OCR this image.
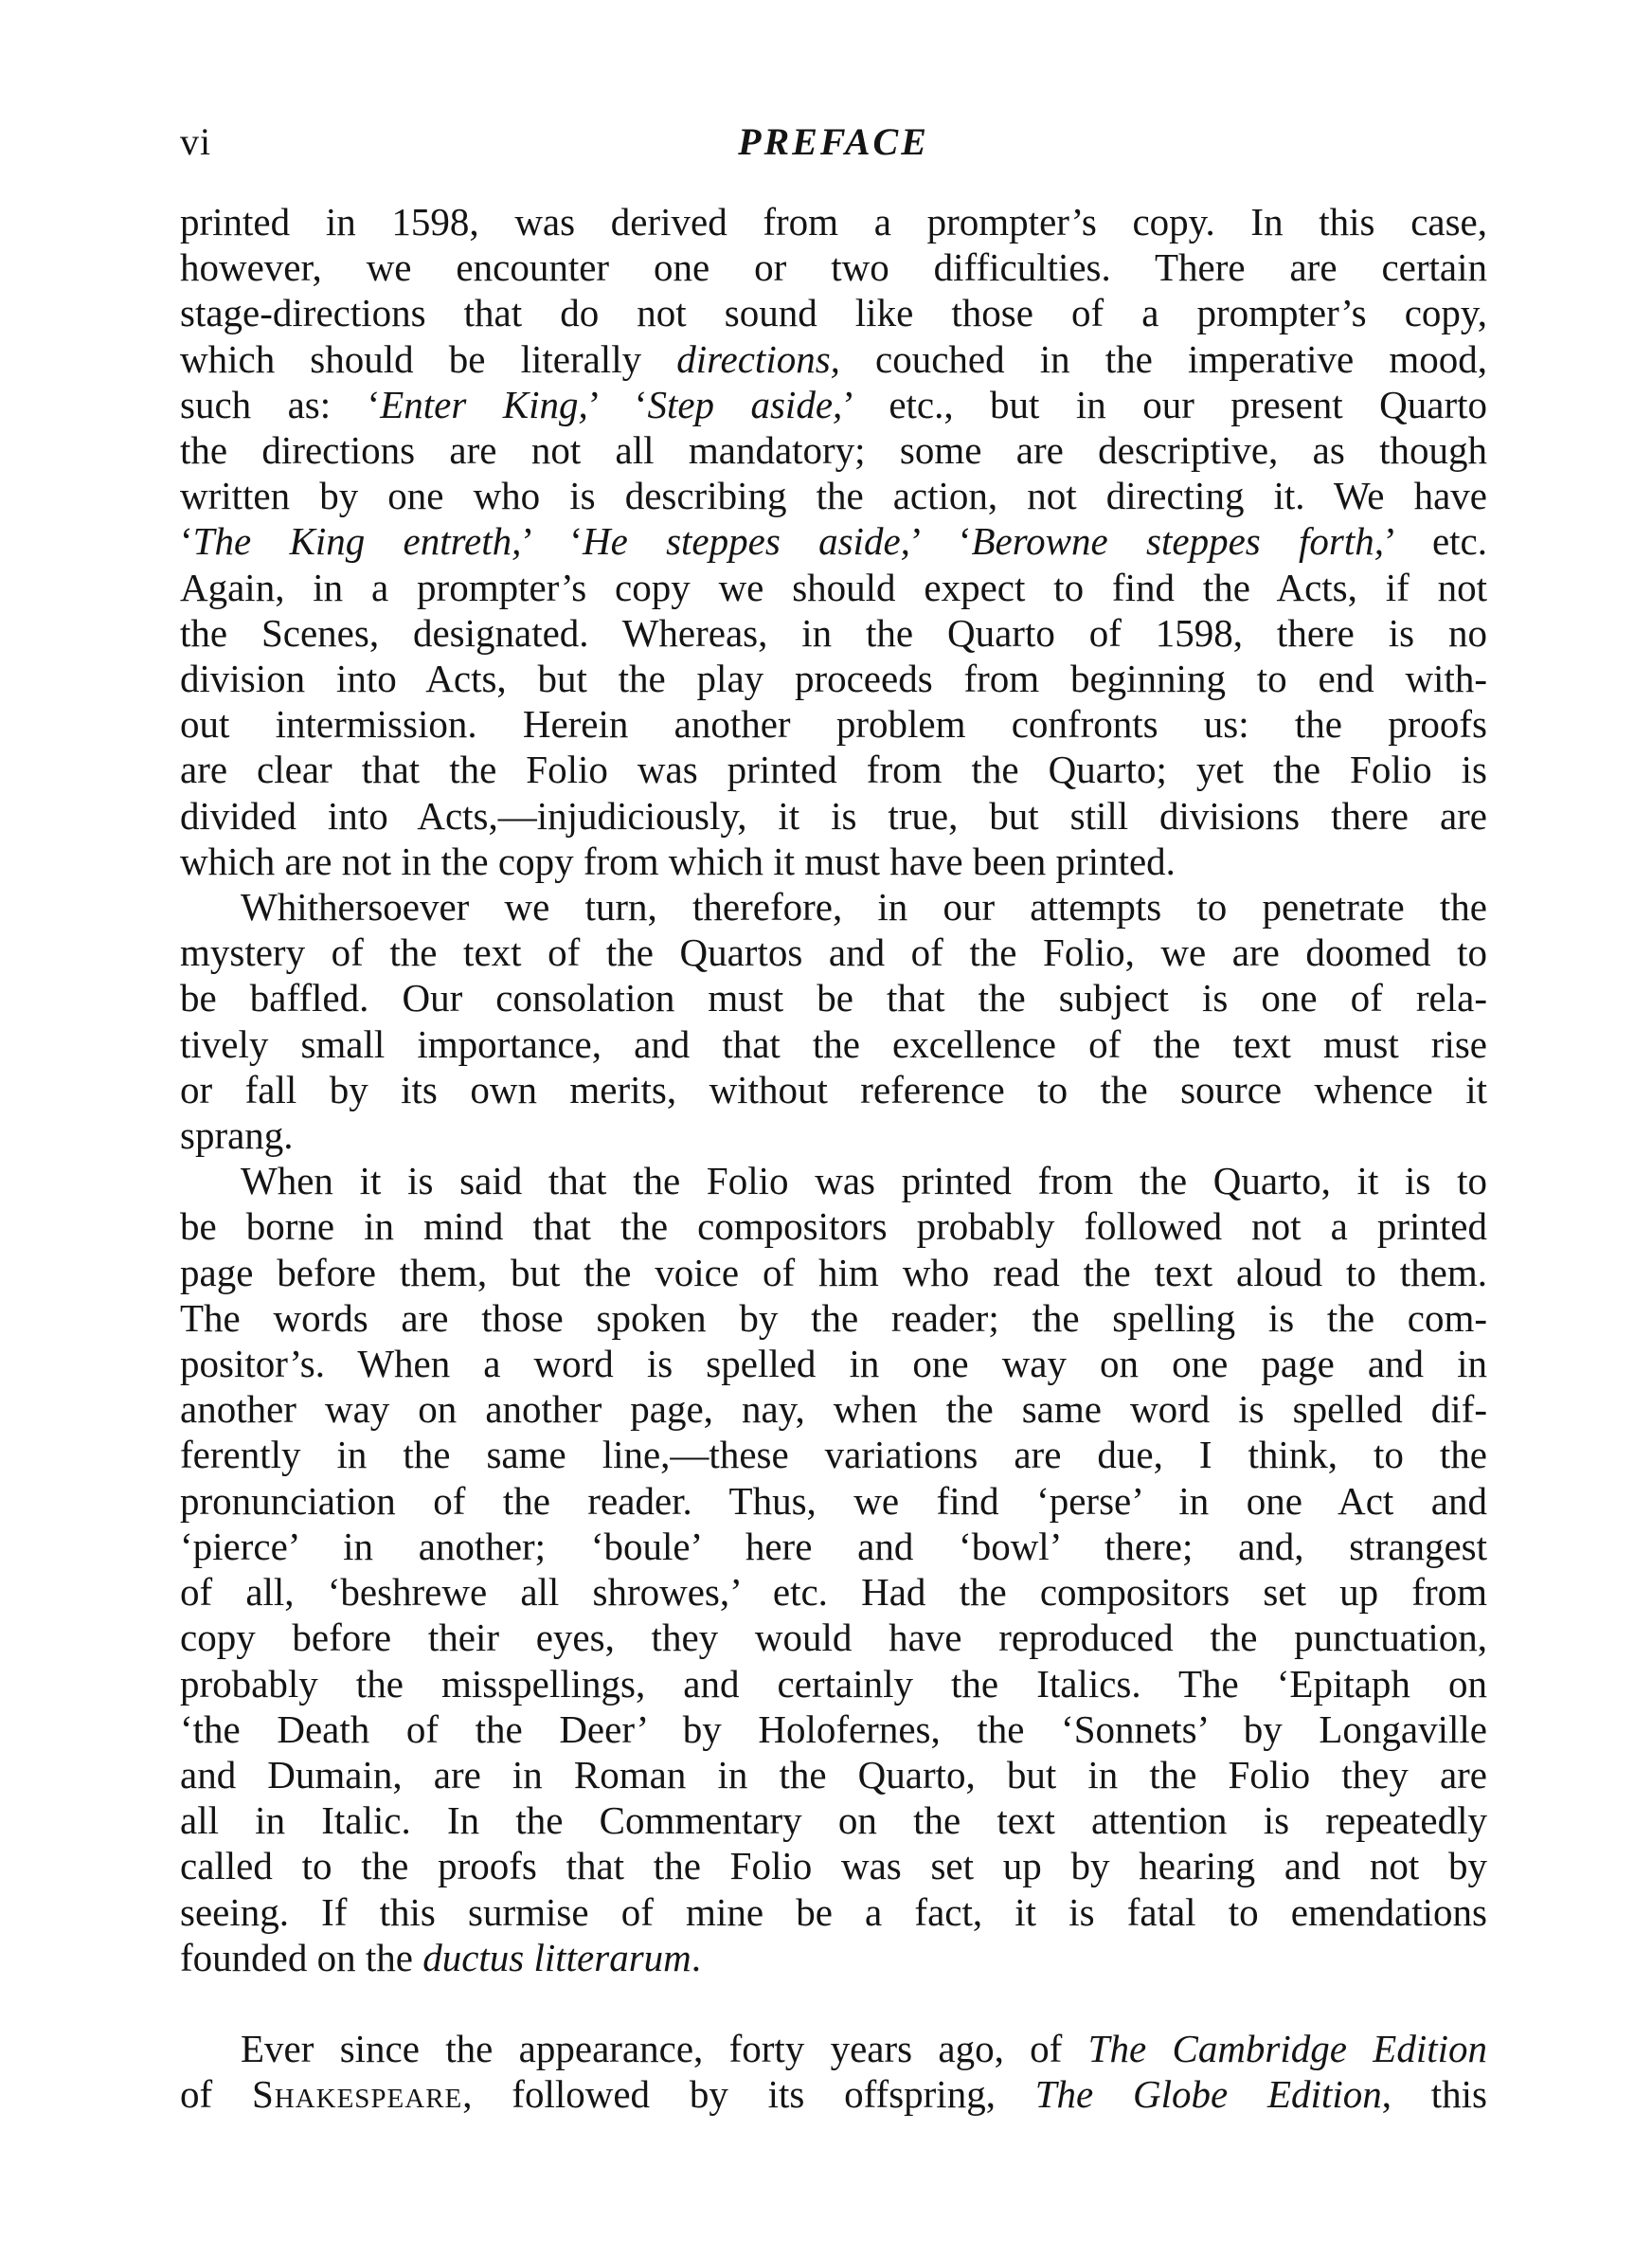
vi	PREFACE

printed in 1598, was derived from a prompter’s copy. In this case,
however, we encounter one or two difficulties. There are certain
stage-directions that do not sound like those of a prompter’s copy,
which should be literally directions, couched in the imperative mood,
such as: ‘Enter King,’ ‘Step aside,’ etc., but in our present Quarto
the directions are not all mandatory; some are descriptive, as though
written by one who is describing the action, not directing it. We have
‘The King entreth,’ ‘He steppes aside,’ ‘Berowne steppes forth,’ etc.
Again, in a prompter’s copy we should expect to find the Acts, if not
the Scenes, designated. Whereas, in the Quarto of 1598, there is no
division into Acts, but the play proceeds from beginning to end with-
out intermission. Herein another problem confronts us: the proofs
are clear that the Folio was printed from the Quarto; yet the Folio is
divided into Acts,—injudiciously, it is true, but still divisions there are
which are not in the copy from which it must have been printed.

Whithersoever we turn, therefore, in our attempts to penetrate the
mystery of the text of the Quartos and of the Folio, we are doomed to
be baffled. Our consolation must be that the subject is one of rela-
tively small importance, and that the excellence of the text must rise
or fall by its own merits, without reference to the source whence it
sprang.

When it is said that the Folio was printed from the Quarto, it is to
be borne in mind that the compositors probably followed not a printed
page before them, but the voice of him who read the text aloud to them.
The words are those spoken by the reader; the spelling is the com-
positor’s. When a word is spelled in one way on one page and in
another way on another page, nay, when the same word is spelled dif-
ferently in the same line,—these variations are due, I think, to the
pronunciation of the reader. Thus, we find ‘perse’ in one Act and
‘pierce’ in another; ‘boule’ here and ‘bowl’ there; and, strangest
of all, ‘beshrewe all shrowes,’ etc. Had the compositors set up from
copy before their eyes, they would have reproduced the punctuation,
probably the misspellings, and certainly the Italics. The ‘Epitaph on
‘the Death of the Deer’ by Holofernes, the ‘Sonnets’ by Longaville
and Dumain, are in Roman in the Quarto, but in the Folio they are
all in Italic. In the Commentary on the text attention is repeatedly
called to the proofs that the Folio was set up by hearing and not by
seeing. If this surmise of mine be a fact, it is fatal to emendations
founded on the ductus litterarum.

Ever since the appearance, forty years ago, of The Cambridge Edition
of Shakespeare, followed by its offspring, The Globe Edition, this
